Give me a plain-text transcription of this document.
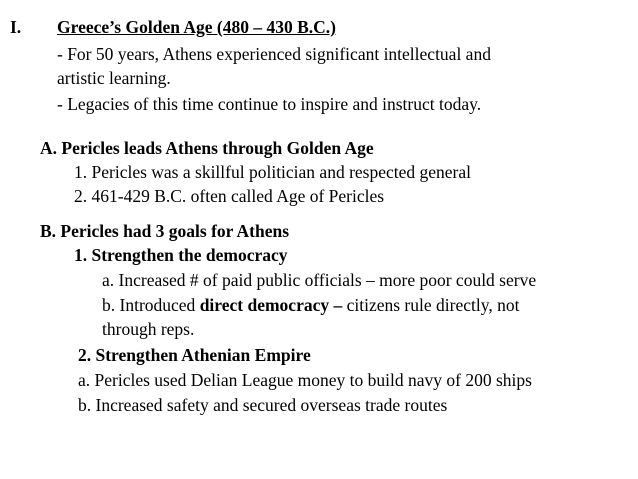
I. Greece’s Golden Age (480 – 430 B.C.)
- For 50 years, Athens experienced significant intellectual and
artistic learning.
- Legacies of this time continue to inspire and instruct today.
A. Pericles leads Athens through Golden Age
1. Pericles was a skillful politician and respected general
2. 461-429 B.C. often called Age of Pericles
B. Pericles had 3 goals for Athens
1. Strengthen the democracy
a. Increased # of paid public officials – more poor could serve
b. Introduced direct democracy – citizens rule directly, not
through reps.
2. Strengthen Athenian Empire
a. Pericles used Delian League money to build navy of 200 ships
b. Increased safety and secured overseas trade routes
